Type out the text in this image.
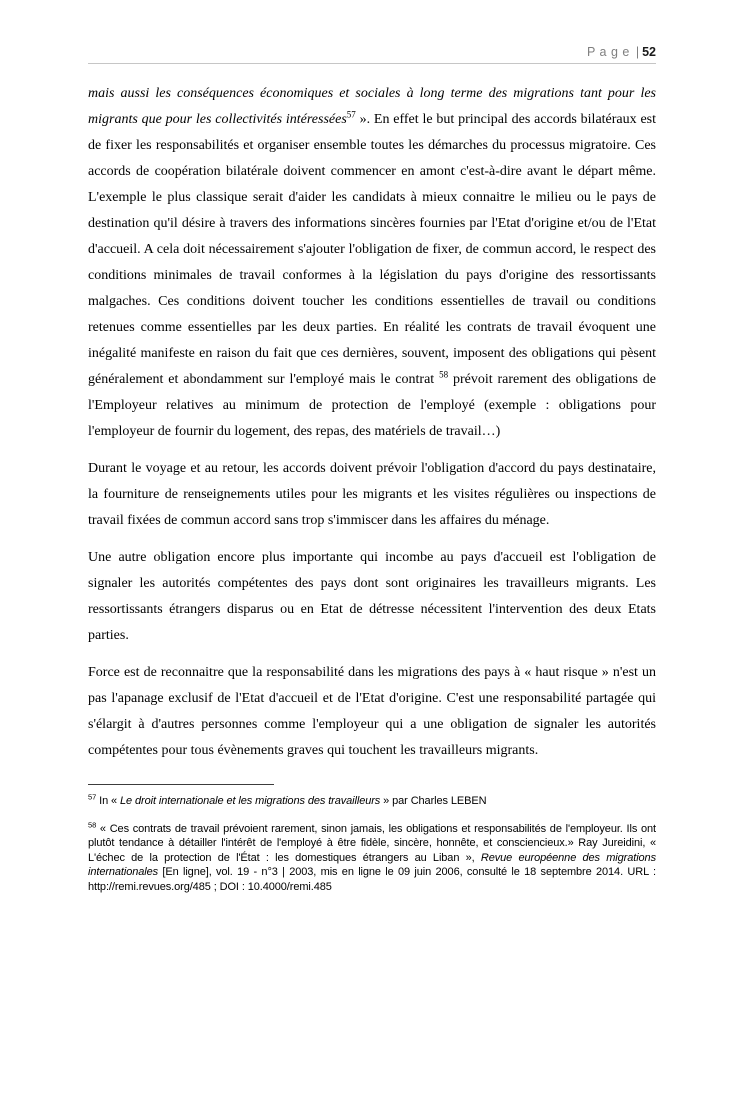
P a g e | 52

mais aussi les conséquences économiques et sociales à long terme des migrations tant pour les migrants que pour les collectivités intéressées$^{57}$ ». En effet le but principal des accords bilatéraux est de fixer les responsabilités et organiser ensemble toutes les démarches du processus migratoire. Ces accords de coopération bilatérale doivent commencer en amont c'est-à-dire avant le départ même. L'exemple le plus classique serait d'aider les candidats à mieux connaitre le milieu ou le pays de destination qu'il désire à travers des informations sincères fournies par l'Etat d'origine et/ou de l'Etat d'accueil. A cela doit nécessairement s'ajouter l'obligation de fixer, de commun accord, le respect des conditions minimales de travail conformes à la législation du pays d'origine des ressortissants malgaches. Ces conditions doivent toucher les conditions essentielles de travail ou conditions retenues comme essentielles par les deux parties. En réalité les contrats de travail évoquent une inégalité manifeste en raison du fait que ces dernières, souvent, imposent des obligations qui pèsent généralement et abondamment sur l'employé mais le contrat $^{58}$ prévoit rarement des obligations de l'Employeur relatives au minimum de protection de l'employé (exemple : obligations pour l'employeur de fournir du logement, des repas, des matériels de travail…)

Durant le voyage et au retour, les accords doivent prévoir l'obligation d'accord du pays destinataire, la fourniture de renseignements utiles pour les migrants et les visites régulières ou inspections de travail fixées de commun accord sans trop s'immiscer dans les affaires du ménage.

Une autre obligation encore plus importante qui incombe au pays d'accueil est l'obligation de signaler les autorités compétentes des pays dont sont originaires les travailleurs migrants. Les ressortissants étrangers disparus ou en Etat de détresse nécessitent l'intervention des deux Etats parties.

Force est de reconnaitre que la responsabilité dans les migrations des pays à « haut risque » n'est un pas l'apanage exclusif de l'Etat d'accueil et de l'Etat d'origine. C'est une responsabilité partagée qui s'élargit à d'autres personnes comme l'employeur qui a une obligation de signaler les autorités compétentes pour tous évènements graves qui touchent les travailleurs migrants.

$^{57}$ In « Le droit internationale et les migrations des travailleurs » par Charles LEBEN

$^{58}$ « Ces contrats de travail prévoient rarement, sinon jamais, les obligations et responsabilités de l'employeur. Ils ont plutôt tendance à détailler l'intérêt de l'employé à être fidèle, sincère, honnête, et consciencieux.» Ray Jureidini, « L'échec de la protection de l'État : les domestiques étrangers au Liban », Revue européenne des migrations internationales [En ligne], vol. 19 - n°3 | 2003, mis en ligne le 09 juin 2006, consulté le 18 septembre 2014. URL : http://remi.revues.org/485 ; DOI : 10.4000/remi.485
